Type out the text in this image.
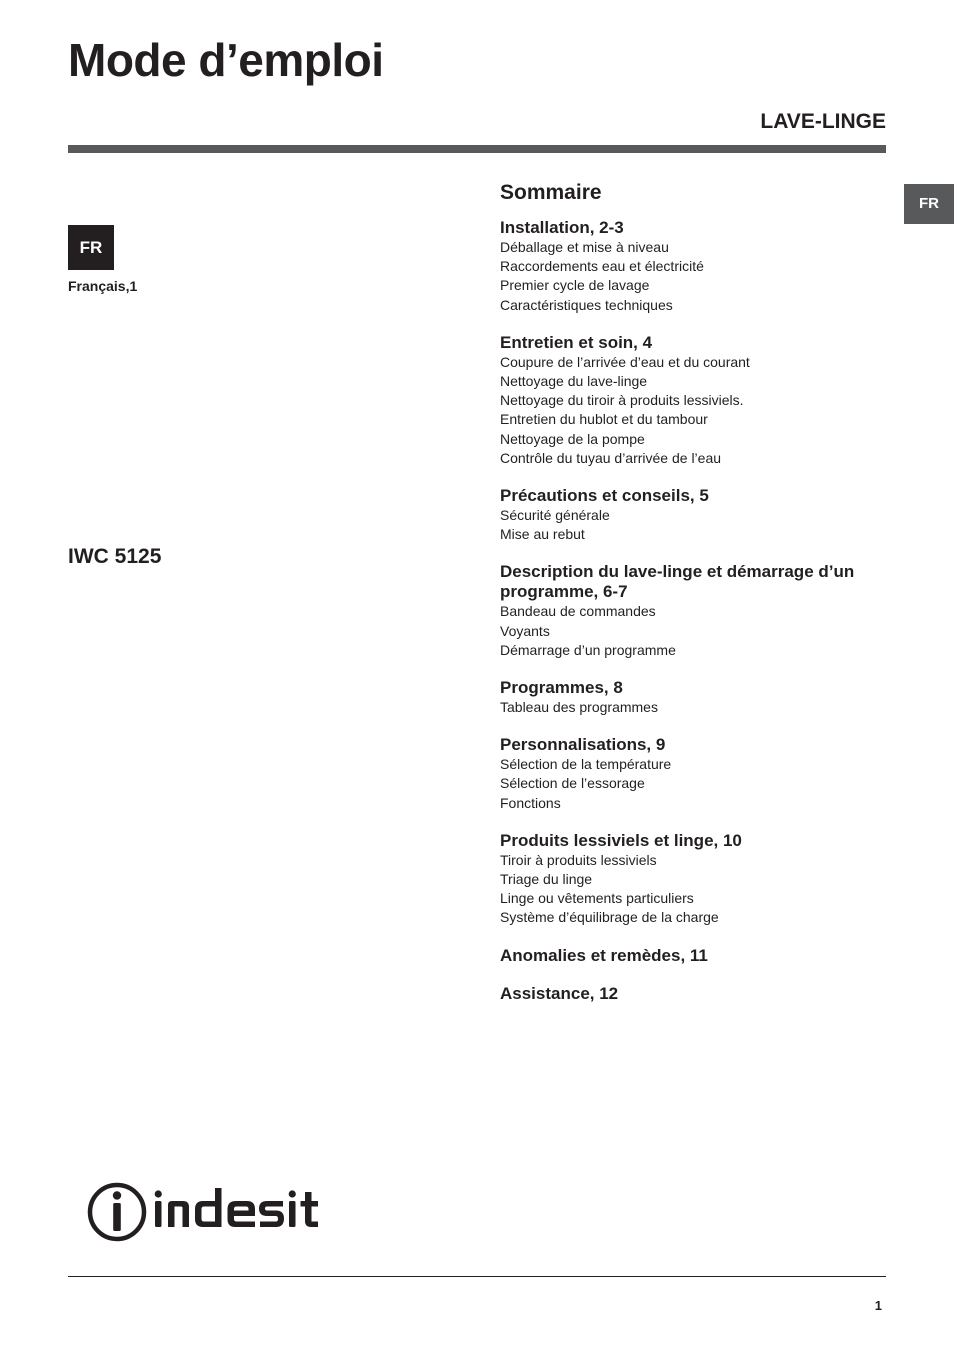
Mode d’emploi
LAVE-LINGE
FR
FR
Français,1
IWC 5125
Sommaire
Installation, 2-3
Déballage et mise à niveau
Raccordements eau et électricité
Premier cycle de lavage
Caractéristiques techniques
Entretien et soin, 4
Coupure de l’arrivée d’eau et du courant
Nettoyage du lave-linge
Nettoyage du tiroir à produits lessiviels.
Entretien du hublot et du tambour
Nettoyage de la pompe
Contrôle du tuyau d’arrivée de l’eau
Précautions et conseils, 5
Sécurité générale
Mise au rebut
Description du lave-linge et démarrage d’un programme, 6-7
Bandeau de commandes
Voyants
Démarrage d’un programme
Programmes, 8
Tableau des programmes
Personnalisations, 9
Sélection de la température
Sélection de l’essorage
Fonctions
Produits lessiviels et linge, 10
Tiroir à produits lessiviels
Triage du linge
Linge ou vêtements particuliers
Système d’équilibrage de la charge
Anomalies et remèdes, 11
Assistance, 12
1
